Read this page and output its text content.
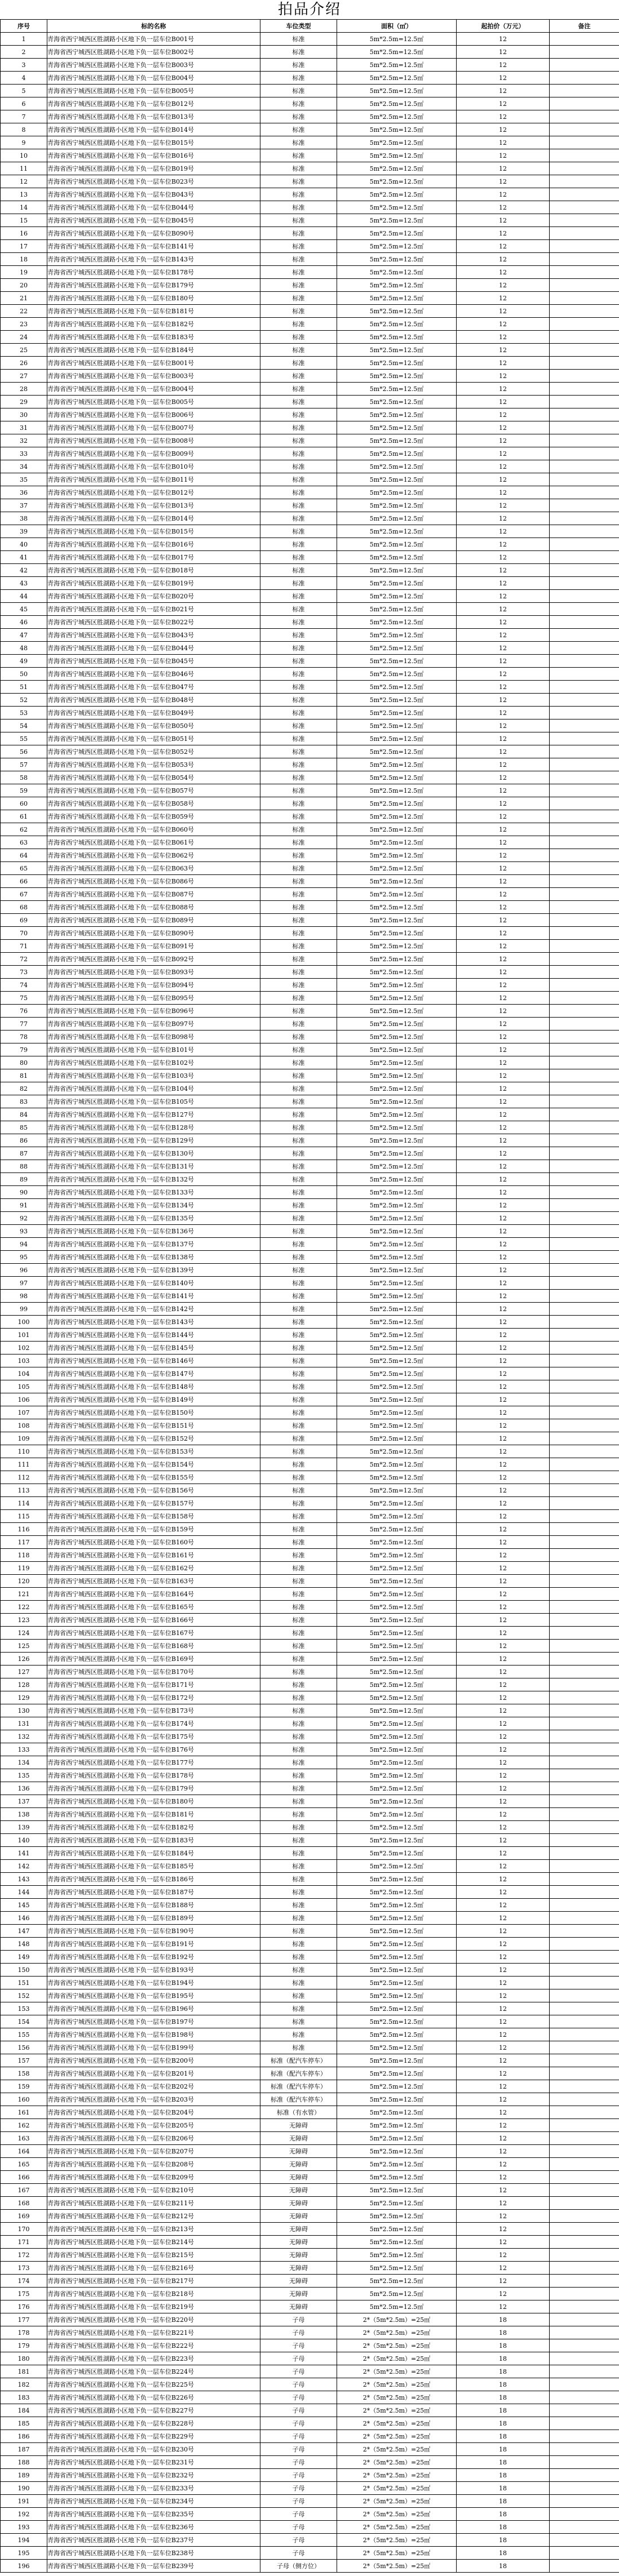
拍品介绍
序号	标的名称	车位类型	面积（㎡）	起拍价（万元）	备注
1	青海省西宁城西区胜湖路小区地下负一层车位B001号	标准	5m*2.5m=12.5㎡	12	
2	青海省西宁城西区胜湖路小区地下负一层车位B002号	标准	5m*2.5m=12.5㎡	12	
3	青海省西宁城西区胜湖路小区地下负一层车位B003号	标准	5m*2.5m=12.5㎡	12	
4	青海省西宁城西区胜湖路小区地下负一层车位B004号	标准	5m*2.5m=12.5㎡	12	
5	青海省西宁城西区胜湖路小区地下负一层车位B005号	标准	5m*2.5m=12.5㎡	12	
6	青海省西宁城西区胜湖路小区地下负一层车位B012号	标准	5m*2.5m=12.5㎡	12	
7	青海省西宁城西区胜湖路小区地下负一层车位B013号	标准	5m*2.5m=12.5㎡	12	
8	青海省西宁城西区胜湖路小区地下负一层车位B014号	标准	5m*2.5m=12.5㎡	12	
9	青海省西宁城西区胜湖路小区地下负一层车位B015号	标准	5m*2.5m=12.5㎡	12	
10	青海省西宁城西区胜湖路小区地下负一层车位B016号	标准	5m*2.5m=12.5㎡	12	
11	青海省西宁城西区胜湖路小区地下负一层车位B019号	标准	5m*2.5m=12.5㎡	12	
12	青海省西宁城西区胜湖路小区地下负一层车位B023号	标准	5m*2.5m=12.5㎡	12	
13	青海省西宁城西区胜湖路小区地下负一层车位B043号	标准	5m*2.5m=12.5㎡	12	
14	青海省西宁城西区胜湖路小区地下负一层车位B044号	标准	5m*2.5m=12.5㎡	12	
15	青海省西宁城西区胜湖路小区地下负一层车位B045号	标准	5m*2.5m=12.5㎡	12	
16	青海省西宁城西区胜湖路小区地下负一层车位B090号	标准	5m*2.5m=12.5㎡	12	
17	青海省西宁城西区胜湖路小区地下负一层车位B141号	标准	5m*2.5m=12.5㎡	12	
18	青海省西宁城西区胜湖路小区地下负一层车位B143号	标准	5m*2.5m=12.5㎡	12	
19	青海省西宁城西区胜湖路小区地下负一层车位B178号	标准	5m*2.5m=12.5㎡	12	
20	青海省西宁城西区胜湖路小区地下负一层车位B179号	标准	5m*2.5m=12.5㎡	12	
21	青海省西宁城西区胜湖路小区地下负一层车位B180号	标准	5m*2.5m=12.5㎡	12	
22	青海省西宁城西区胜湖路小区地下负一层车位B181号	标准	5m*2.5m=12.5㎡	12	
23	青海省西宁城西区胜湖路小区地下负一层车位B182号	标准	5m*2.5m=12.5㎡	12	
24	青海省西宁城西区胜湖路小区地下负一层车位B183号	标准	5m*2.5m=12.5㎡	12	
25	青海省西宁城西区胜湖路小区地下负一层车位B184号	标准	5m*2.5m=12.5㎡	12	
26	青海省西宁城西区胜湖路小区地下负一层车位B001号	标准	5m*2.5m=12.5㎡	12	
27	青海省西宁城西区胜湖路小区地下负一层车位B003号	标准	5m*2.5m=12.5㎡	12	
28	青海省西宁城西区胜湖路小区地下负一层车位B004号	标准	5m*2.5m=12.5㎡	12	
29	青海省西宁城西区胜湖路小区地下负一层车位B005号	标准	5m*2.5m=12.5㎡	12	
30	青海省西宁城西区胜湖路小区地下负一层车位B006号	标准	5m*2.5m=12.5㎡	12	
31	青海省西宁城西区胜湖路小区地下负一层车位B007号	标准	5m*2.5m=12.5㎡	12	
32	青海省西宁城西区胜湖路小区地下负一层车位B008号	标准	5m*2.5m=12.5㎡	12	
33	青海省西宁城西区胜湖路小区地下负一层车位B009号	标准	5m*2.5m=12.5㎡	12	
34	青海省西宁城西区胜湖路小区地下负一层车位B010号	标准	5m*2.5m=12.5㎡	12	
35	青海省西宁城西区胜湖路小区地下负一层车位B011号	标准	5m*2.5m=12.5㎡	12	
36	青海省西宁城西区胜湖路小区地下负一层车位B012号	标准	5m*2.5m=12.5㎡	12	
37	青海省西宁城西区胜湖路小区地下负一层车位B013号	标准	5m*2.5m=12.5㎡	12	
38	青海省西宁城西区胜湖路小区地下负一层车位B014号	标准	5m*2.5m=12.5㎡	12	
39	青海省西宁城西区胜湖路小区地下负一层车位B015号	标准	5m*2.5m=12.5㎡	12	
40	青海省西宁城西区胜湖路小区地下负一层车位B016号	标准	5m*2.5m=12.5㎡	12	
41	青海省西宁城西区胜湖路小区地下负一层车位B017号	标准	5m*2.5m=12.5㎡	12	
42	青海省西宁城西区胜湖路小区地下负一层车位B018号	标准	5m*2.5m=12.5㎡	12	
43	青海省西宁城西区胜湖路小区地下负一层车位B019号	标准	5m*2.5m=12.5㎡	12	
44	青海省西宁城西区胜湖路小区地下负一层车位B020号	标准	5m*2.5m=12.5㎡	12	
45	青海省西宁城西区胜湖路小区地下负一层车位B021号	标准	5m*2.5m=12.5㎡	12	
46	青海省西宁城西区胜湖路小区地下负一层车位B022号	标准	5m*2.5m=12.5㎡	12	
47	青海省西宁城西区胜湖路小区地下负一层车位B043号	标准	5m*2.5m=12.5㎡	12	
48	青海省西宁城西区胜湖路小区地下负一层车位B044号	标准	5m*2.5m=12.5㎡	12	
49	青海省西宁城西区胜湖路小区地下负一层车位B045号	标准	5m*2.5m=12.5㎡	12	
50	青海省西宁城西区胜湖路小区地下负一层车位B046号	标准	5m*2.5m=12.5㎡	12	
51	青海省西宁城西区胜湖路小区地下负一层车位B047号	标准	5m*2.5m=12.5㎡	12	
52	青海省西宁城西区胜湖路小区地下负一层车位B048号	标准	5m*2.5m=12.5㎡	12	
53	青海省西宁城西区胜湖路小区地下负一层车位B049号	标准	5m*2.5m=12.5㎡	12	
54	青海省西宁城西区胜湖路小区地下负一层车位B050号	标准	5m*2.5m=12.5㎡	12	
55	青海省西宁城西区胜湖路小区地下负一层车位B051号	标准	5m*2.5m=12.5㎡	12	
56	青海省西宁城西区胜湖路小区地下负一层车位B052号	标准	5m*2.5m=12.5㎡	12	
57	青海省西宁城西区胜湖路小区地下负一层车位B053号	标准	5m*2.5m=12.5㎡	12	
58	青海省西宁城西区胜湖路小区地下负一层车位B054号	标准	5m*2.5m=12.5㎡	12	
59	青海省西宁城西区胜湖路小区地下负一层车位B057号	标准	5m*2.5m=12.5㎡	12	
60	青海省西宁城西区胜湖路小区地下负一层车位B058号	标准	5m*2.5m=12.5㎡	12	
61	青海省西宁城西区胜湖路小区地下负一层车位B059号	标准	5m*2.5m=12.5㎡	12	
62	青海省西宁城西区胜湖路小区地下负一层车位B060号	标准	5m*2.5m=12.5㎡	12	
63	青海省西宁城西区胜湖路小区地下负一层车位B061号	标准	5m*2.5m=12.5㎡	12	
64	青海省西宁城西区胜湖路小区地下负一层车位B062号	标准	5m*2.5m=12.5㎡	12	
65	青海省西宁城西区胜湖路小区地下负一层车位B063号	标准	5m*2.5m=12.5㎡	12	
66	青海省西宁城西区胜湖路小区地下负一层车位B086号	标准	5m*2.5m=12.5㎡	12	
67	青海省西宁城西区胜湖路小区地下负一层车位B087号	标准	5m*2.5m=12.5㎡	12	
68	青海省西宁城西区胜湖路小区地下负一层车位B088号	标准	5m*2.5m=12.5㎡	12	
69	青海省西宁城西区胜湖路小区地下负一层车位B089号	标准	5m*2.5m=12.5㎡	12	
70	青海省西宁城西区胜湖路小区地下负一层车位B090号	标准	5m*2.5m=12.5㎡	12	
71	青海省西宁城西区胜湖路小区地下负一层车位B091号	标准	5m*2.5m=12.5㎡	12	
72	青海省西宁城西区胜湖路小区地下负一层车位B092号	标准	5m*2.5m=12.5㎡	12	
73	青海省西宁城西区胜湖路小区地下负一层车位B093号	标准	5m*2.5m=12.5㎡	12	
74	青海省西宁城西区胜湖路小区地下负一层车位B094号	标准	5m*2.5m=12.5㎡	12	
75	青海省西宁城西区胜湖路小区地下负一层车位B095号	标准	5m*2.5m=12.5㎡	12	
76	青海省西宁城西区胜湖路小区地下负一层车位B096号	标准	5m*2.5m=12.5㎡	12	
77	青海省西宁城西区胜湖路小区地下负一层车位B097号	标准	5m*2.5m=12.5㎡	12	
78	青海省西宁城西区胜湖路小区地下负一层车位B098号	标准	5m*2.5m=12.5㎡	12	
79	青海省西宁城西区胜湖路小区地下负一层车位B101号	标准	5m*2.5m=12.5㎡	12	
80	青海省西宁城西区胜湖路小区地下负一层车位B102号	标准	5m*2.5m=12.5㎡	12	
81	青海省西宁城西区胜湖路小区地下负一层车位B103号	标准	5m*2.5m=12.5㎡	12	
82	青海省西宁城西区胜湖路小区地下负一层车位B104号	标准	5m*2.5m=12.5㎡	12	
83	青海省西宁城西区胜湖路小区地下负一层车位B105号	标准	5m*2.5m=12.5㎡	12	
84	青海省西宁城西区胜湖路小区地下负一层车位B127号	标准	5m*2.5m=12.5㎡	12	
85	青海省西宁城西区胜湖路小区地下负一层车位B128号	标准	5m*2.5m=12.5㎡	12	
86	青海省西宁城西区胜湖路小区地下负一层车位B129号	标准	5m*2.5m=12.5㎡	12	
87	青海省西宁城西区胜湖路小区地下负一层车位B130号	标准	5m*2.5m=12.5㎡	12	
88	青海省西宁城西区胜湖路小区地下负一层车位B131号	标准	5m*2.5m=12.5㎡	12	
89	青海省西宁城西区胜湖路小区地下负一层车位B132号	标准	5m*2.5m=12.5㎡	12	
90	青海省西宁城西区胜湖路小区地下负一层车位B133号	标准	5m*2.5m=12.5㎡	12	
91	青海省西宁城西区胜湖路小区地下负一层车位B134号	标准	5m*2.5m=12.5㎡	12	
92	青海省西宁城西区胜湖路小区地下负一层车位B135号	标准	5m*2.5m=12.5㎡	12	
93	青海省西宁城西区胜湖路小区地下负一层车位B136号	标准	5m*2.5m=12.5㎡	12	
94	青海省西宁城西区胜湖路小区地下负一层车位B137号	标准	5m*2.5m=12.5㎡	12	
95	青海省西宁城西区胜湖路小区地下负一层车位B138号	标准	5m*2.5m=12.5㎡	12	
96	青海省西宁城西区胜湖路小区地下负一层车位B139号	标准	5m*2.5m=12.5㎡	12	
97	青海省西宁城西区胜湖路小区地下负一层车位B140号	标准	5m*2.5m=12.5㎡	12	
98	青海省西宁城西区胜湖路小区地下负一层车位B141号	标准	5m*2.5m=12.5㎡	12	
99	青海省西宁城西区胜湖路小区地下负一层车位B142号	标准	5m*2.5m=12.5㎡	12	
100	青海省西宁城西区胜湖路小区地下负一层车位B143号	标准	5m*2.5m=12.5㎡	12	
101	青海省西宁城西区胜湖路小区地下负一层车位B144号	标准	5m*2.5m=12.5㎡	12	
102	青海省西宁城西区胜湖路小区地下负一层车位B145号	标准	5m*2.5m=12.5㎡	12	
103	青海省西宁城西区胜湖路小区地下负一层车位B146号	标准	5m*2.5m=12.5㎡	12	
104	青海省西宁城西区胜湖路小区地下负一层车位B147号	标准	5m*2.5m=12.5㎡	12	
105	青海省西宁城西区胜湖路小区地下负一层车位B148号	标准	5m*2.5m=12.5㎡	12	
106	青海省西宁城西区胜湖路小区地下负一层车位B149号	标准	5m*2.5m=12.5㎡	12	
107	青海省西宁城西区胜湖路小区地下负一层车位B150号	标准	5m*2.5m=12.5㎡	12	
108	青海省西宁城西区胜湖路小区地下负一层车位B151号	标准	5m*2.5m=12.5㎡	12	
109	青海省西宁城西区胜湖路小区地下负一层车位B152号	标准	5m*2.5m=12.5㎡	12	
110	青海省西宁城西区胜湖路小区地下负一层车位B153号	标准	5m*2.5m=12.5㎡	12	
111	青海省西宁城西区胜湖路小区地下负一层车位B154号	标准	5m*2.5m=12.5㎡	12	
112	青海省西宁城西区胜湖路小区地下负一层车位B155号	标准	5m*2.5m=12.5㎡	12	
113	青海省西宁城西区胜湖路小区地下负一层车位B156号	标准	5m*2.5m=12.5㎡	12	
114	青海省西宁城西区胜湖路小区地下负一层车位B157号	标准	5m*2.5m=12.5㎡	12	
115	青海省西宁城西区胜湖路小区地下负一层车位B158号	标准	5m*2.5m=12.5㎡	12	
116	青海省西宁城西区胜湖路小区地下负一层车位B159号	标准	5m*2.5m=12.5㎡	12	
117	青海省西宁城西区胜湖路小区地下负一层车位B160号	标准	5m*2.5m=12.5㎡	12	
118	青海省西宁城西区胜湖路小区地下负一层车位B161号	标准	5m*2.5m=12.5㎡	12	
119	青海省西宁城西区胜湖路小区地下负一层车位B162号	标准	5m*2.5m=12.5㎡	12	
120	青海省西宁城西区胜湖路小区地下负一层车位B163号	标准	5m*2.5m=12.5㎡	12	
121	青海省西宁城西区胜湖路小区地下负一层车位B164号	标准	5m*2.5m=12.5㎡	12	
122	青海省西宁城西区胜湖路小区地下负一层车位B165号	标准	5m*2.5m=12.5㎡	12	
123	青海省西宁城西区胜湖路小区地下负一层车位B166号	标准	5m*2.5m=12.5㎡	12	
124	青海省西宁城西区胜湖路小区地下负一层车位B167号	标准	5m*2.5m=12.5㎡	12	
125	青海省西宁城西区胜湖路小区地下负一层车位B168号	标准	5m*2.5m=12.5㎡	12	
126	青海省西宁城西区胜湖路小区地下负一层车位B169号	标准	5m*2.5m=12.5㎡	12	
127	青海省西宁城西区胜湖路小区地下负一层车位B170号	标准	5m*2.5m=12.5㎡	12	
128	青海省西宁城西区胜湖路小区地下负一层车位B171号	标准	5m*2.5m=12.5㎡	12	
129	青海省西宁城西区胜湖路小区地下负一层车位B172号	标准	5m*2.5m=12.5㎡	12	
130	青海省西宁城西区胜湖路小区地下负一层车位B173号	标准	5m*2.5m=12.5㎡	12	
131	青海省西宁城西区胜湖路小区地下负一层车位B174号	标准	5m*2.5m=12.5㎡	12	
132	青海省西宁城西区胜湖路小区地下负一层车位B175号	标准	5m*2.5m=12.5㎡	12	
133	青海省西宁城西区胜湖路小区地下负一层车位B176号	标准	5m*2.5m=12.5㎡	12	
134	青海省西宁城西区胜湖路小区地下负一层车位B177号	标准	5m*2.5m=12.5㎡	12	
135	青海省西宁城西区胜湖路小区地下负一层车位B178号	标准	5m*2.5m=12.5㎡	12	
136	青海省西宁城西区胜湖路小区地下负一层车位B179号	标准	5m*2.5m=12.5㎡	12	
137	青海省西宁城西区胜湖路小区地下负一层车位B180号	标准	5m*2.5m=12.5㎡	12	
138	青海省西宁城西区胜湖路小区地下负一层车位B181号	标准	5m*2.5m=12.5㎡	12	
139	青海省西宁城西区胜湖路小区地下负一层车位B182号	标准	5m*2.5m=12.5㎡	12	
140	青海省西宁城西区胜湖路小区地下负一层车位B183号	标准	5m*2.5m=12.5㎡	12	
141	青海省西宁城西区胜湖路小区地下负一层车位B184号	标准	5m*2.5m=12.5㎡	12	
142	青海省西宁城西区胜湖路小区地下负一层车位B185号	标准	5m*2.5m=12.5㎡	12	
143	青海省西宁城西区胜湖路小区地下负一层车位B186号	标准	5m*2.5m=12.5㎡	12	
144	青海省西宁城西区胜湖路小区地下负一层车位B187号	标准	5m*2.5m=12.5㎡	12	
145	青海省西宁城西区胜湖路小区地下负一层车位B188号	标准	5m*2.5m=12.5㎡	12	
146	青海省西宁城西区胜湖路小区地下负一层车位B189号	标准	5m*2.5m=12.5㎡	12	
147	青海省西宁城西区胜湖路小区地下负一层车位B190号	标准	5m*2.5m=12.5㎡	12	
148	青海省西宁城西区胜湖路小区地下负一层车位B191号	标准	5m*2.5m=12.5㎡	12	
149	青海省西宁城西区胜湖路小区地下负一层车位B192号	标准	5m*2.5m=12.5㎡	12	
150	青海省西宁城西区胜湖路小区地下负一层车位B193号	标准	5m*2.5m=12.5㎡	12	
151	青海省西宁城西区胜湖路小区地下负一层车位B194号	标准	5m*2.5m=12.5㎡	12	
152	青海省西宁城西区胜湖路小区地下负一层车位B195号	标准	5m*2.5m=12.5㎡	12	
153	青海省西宁城西区胜湖路小区地下负一层车位B196号	标准	5m*2.5m=12.5㎡	12	
154	青海省西宁城西区胜湖路小区地下负一层车位B197号	标准	5m*2.5m=12.5㎡	12	
155	青海省西宁城西区胜湖路小区地下负一层车位B198号	标准	5m*2.5m=12.5㎡	12	
156	青海省西宁城西区胜湖路小区地下负一层车位B199号	标准	5m*2.5m=12.5㎡	12	
157	青海省西宁城西区胜湖路小区地下负一层车位B200号	标准（配汽车停车）	5m*2.5m=12.5㎡	12	
158	青海省西宁城西区胜湖路小区地下负一层车位B201号	标准（配汽车停车）	5m*2.5m=12.5㎡	12	
159	青海省西宁城西区胜湖路小区地下负一层车位B202号	标准（配汽车停车）	5m*2.5m=12.5㎡	12	
160	青海省西宁城西区胜湖路小区地下负一层车位B203号	标准（配汽车停车）	5m*2.5m=12.5㎡	12	
161	青海省西宁城西区胜湖路小区地下负一层车位B204号	标准（有水管）	5m*2.5m=12.5㎡	12	
162	青海省西宁城西区胜湖路小区地下负一层车位B205号	无障碍	5m*2.5m=12.5㎡	12	
163	青海省西宁城西区胜湖路小区地下负一层车位B206号	无障碍	5m*2.5m=12.5㎡	12	
164	青海省西宁城西区胜湖路小区地下负一层车位B207号	无障碍	5m*2.5m=12.5㎡	12	
165	青海省西宁城西区胜湖路小区地下负一层车位B208号	无障碍	5m*2.5m=12.5㎡	12	
166	青海省西宁城西区胜湖路小区地下负一层车位B209号	无障碍	5m*2.5m=12.5㎡	12	
167	青海省西宁城西区胜湖路小区地下负一层车位B210号	无障碍	5m*2.5m=12.5㎡	12	
168	青海省西宁城西区胜湖路小区地下负一层车位B211号	无障碍	5m*2.5m=12.5㎡	12	
169	青海省西宁城西区胜湖路小区地下负一层车位B212号	无障碍	5m*2.5m=12.5㎡	12	
170	青海省西宁城西区胜湖路小区地下负一层车位B213号	无障碍	5m*2.5m=12.5㎡	12	
171	青海省西宁城西区胜湖路小区地下负一层车位B214号	无障碍	5m*2.5m=12.5㎡	12	
172	青海省西宁城西区胜湖路小区地下负一层车位B215号	无障碍	5m*2.5m=12.5㎡	12	
173	青海省西宁城西区胜湖路小区地下负一层车位B216号	无障碍	5m*2.5m=12.5㎡	12	
174	青海省西宁城西区胜湖路小区地下负一层车位B217号	无障碍	5m*2.5m=12.5㎡	12	
175	青海省西宁城西区胜湖路小区地下负一层车位B218号	无障碍	5m*2.5m=12.5㎡	12	
176	青海省西宁城西区胜湖路小区地下负一层车位B219号	无障碍	5m*2.5m=12.5㎡	12	
177	青海省西宁城西区胜湖路小区地下负一层车位B220号	子母	2*（5m*2.5m）=25㎡	18	
178	青海省西宁城西区胜湖路小区地下负一层车位B221号	子母	2*（5m*2.5m）=25㎡	18	
179	青海省西宁城西区胜湖路小区地下负一层车位B222号	子母	2*（5m*2.5m）=25㎡	18	
180	青海省西宁城西区胜湖路小区地下负一层车位B223号	子母	2*（5m*2.5m）=25㎡	18	
181	青海省西宁城西区胜湖路小区地下负一层车位B224号	子母	2*（5m*2.5m）=25㎡	18	
182	青海省西宁城西区胜湖路小区地下负一层车位B225号	子母	2*（5m*2.5m）=25㎡	18	
183	青海省西宁城西区胜湖路小区地下负一层车位B226号	子母	2*（5m*2.5m）=25㎡	18	
184	青海省西宁城西区胜湖路小区地下负一层车位B227号	子母	2*（5m*2.5m）=25㎡	18	
185	青海省西宁城西区胜湖路小区地下负一层车位B228号	子母	2*（5m*2.5m）=25㎡	18	
186	青海省西宁城西区胜湖路小区地下负一层车位B229号	子母	2*（5m*2.5m）=25㎡	18	
187	青海省西宁城西区胜湖路小区地下负一层车位B230号	子母	2*（5m*2.5m）=25㎡	18	
188	青海省西宁城西区胜湖路小区地下负一层车位B231号	子母	2*（5m*2.5m）=25㎡	18	
189	青海省西宁城西区胜湖路小区地下负一层车位B232号	子母	2*（5m*2.5m）=25㎡	18	
190	青海省西宁城西区胜湖路小区地下负一层车位B233号	子母	2*（5m*2.5m）=25㎡	18	
191	青海省西宁城西区胜湖路小区地下负一层车位B234号	子母	2*（5m*2.5m）=25㎡	18	
192	青海省西宁城西区胜湖路小区地下负一层车位B235号	子母	2*（5m*2.5m）=25㎡	18	
193	青海省西宁城西区胜湖路小区地下负一层车位B236号	子母	2*（5m*2.5m）=25㎡	18	
194	青海省西宁城西区胜湖路小区地下负一层车位B237号	子母	2*（5m*2.5m）=25㎡	18	
195	青海省西宁城西区胜湖路小区地下负一层车位B238号	子母	2*（5m*2.5m）=25㎡	18	
196	青海省西宁城西区胜湖路小区地下负一层车位B239号	子母（侧方位）	2*（5m*2.5m）=25㎡	18	
